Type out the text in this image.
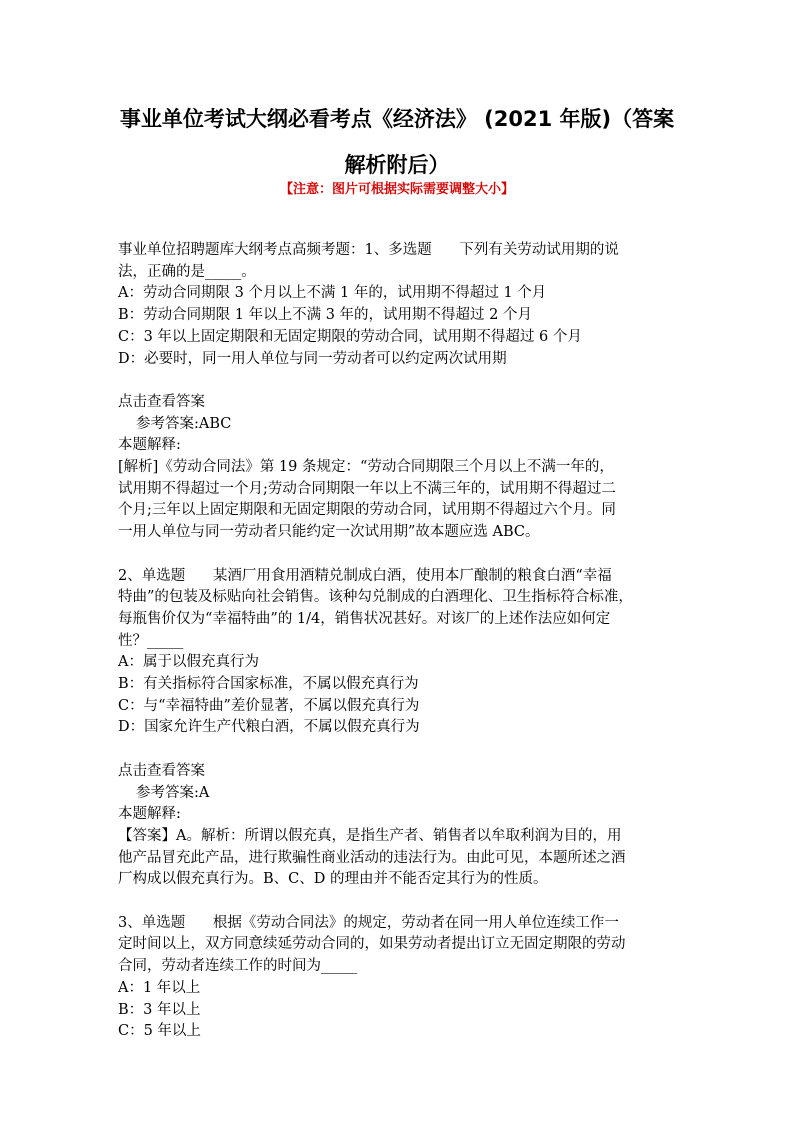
事业单位考试大纲必看考点《经济法》 (2021 年版)（答案
解析附后）
【注意：图片可根据实际需要调整大小】
事业单位招聘题库大纲考点高频考题：1、多选题      下列有关劳动试用期的说
法，正确的是_____。
A：劳动合同期限 3 个月以上不满 1 年的，试用期不得超过 1 个月
B：劳动合同期限 1 年以上不满 3 年的，试用期不得超过 2 个月
C：3 年以上固定期限和无固定期限的劳动合同，试用期不得超过 6 个月
D：必要时，同一用人单位与同一劳动者可以约定两次试用期
点击查看答案
参考答案:ABC
本题解释:
[解析]《劳动合同法》第 19 条规定：“劳动合同期限三个月以上不满一年的，
试用期不得超过一个月;劳动合同期限一年以上不满三年的，试用期不得超过二
个月;三年以上固定期限和无固定期限的劳动合同，试用期不得超过六个月。同
一用人单位与同一劳动者只能约定一次试用期”故本题应选 ABC。
2、单选题      某酒厂用食用酒精兑制成白酒，使用本厂酿制的粮食白酒“幸福
特曲”的包装及标贴向社会销售。该种勾兑制成的白酒理化、卫生指标符合标准，
每瓶售价仅为“幸福特曲”的 1/4，销售状况甚好。对该厂的上述作法应如何定
性？_____
A：属于以假充真行为
B：有关指标符合国家标准，不属以假充真行为
C：与“幸福特曲”差价显著，不属以假充真行为
D：国家允许生产代粮白酒，不属以假充真行为
点击查看答案
参考答案:A
本题解释:
【答案】A。解析：所谓以假充真，是指生产者、销售者以牟取利润为目的，用
他产品冒充此产品，进行欺骗性商业活动的违法行为。由此可见，本题所述之酒
厂构成以假充真行为。B、C、D 的理由并不能否定其行为的性质。
3、单选题      根据《劳动合同法》的规定，劳动者在同一用人单位连续工作一
定时间以上，双方同意续延劳动合同的，如果劳动者提出订立无固定期限的劳动
合同，劳动者连续工作的时间为_____
A：1 年以上
B：3 年以上
C：5 年以上
